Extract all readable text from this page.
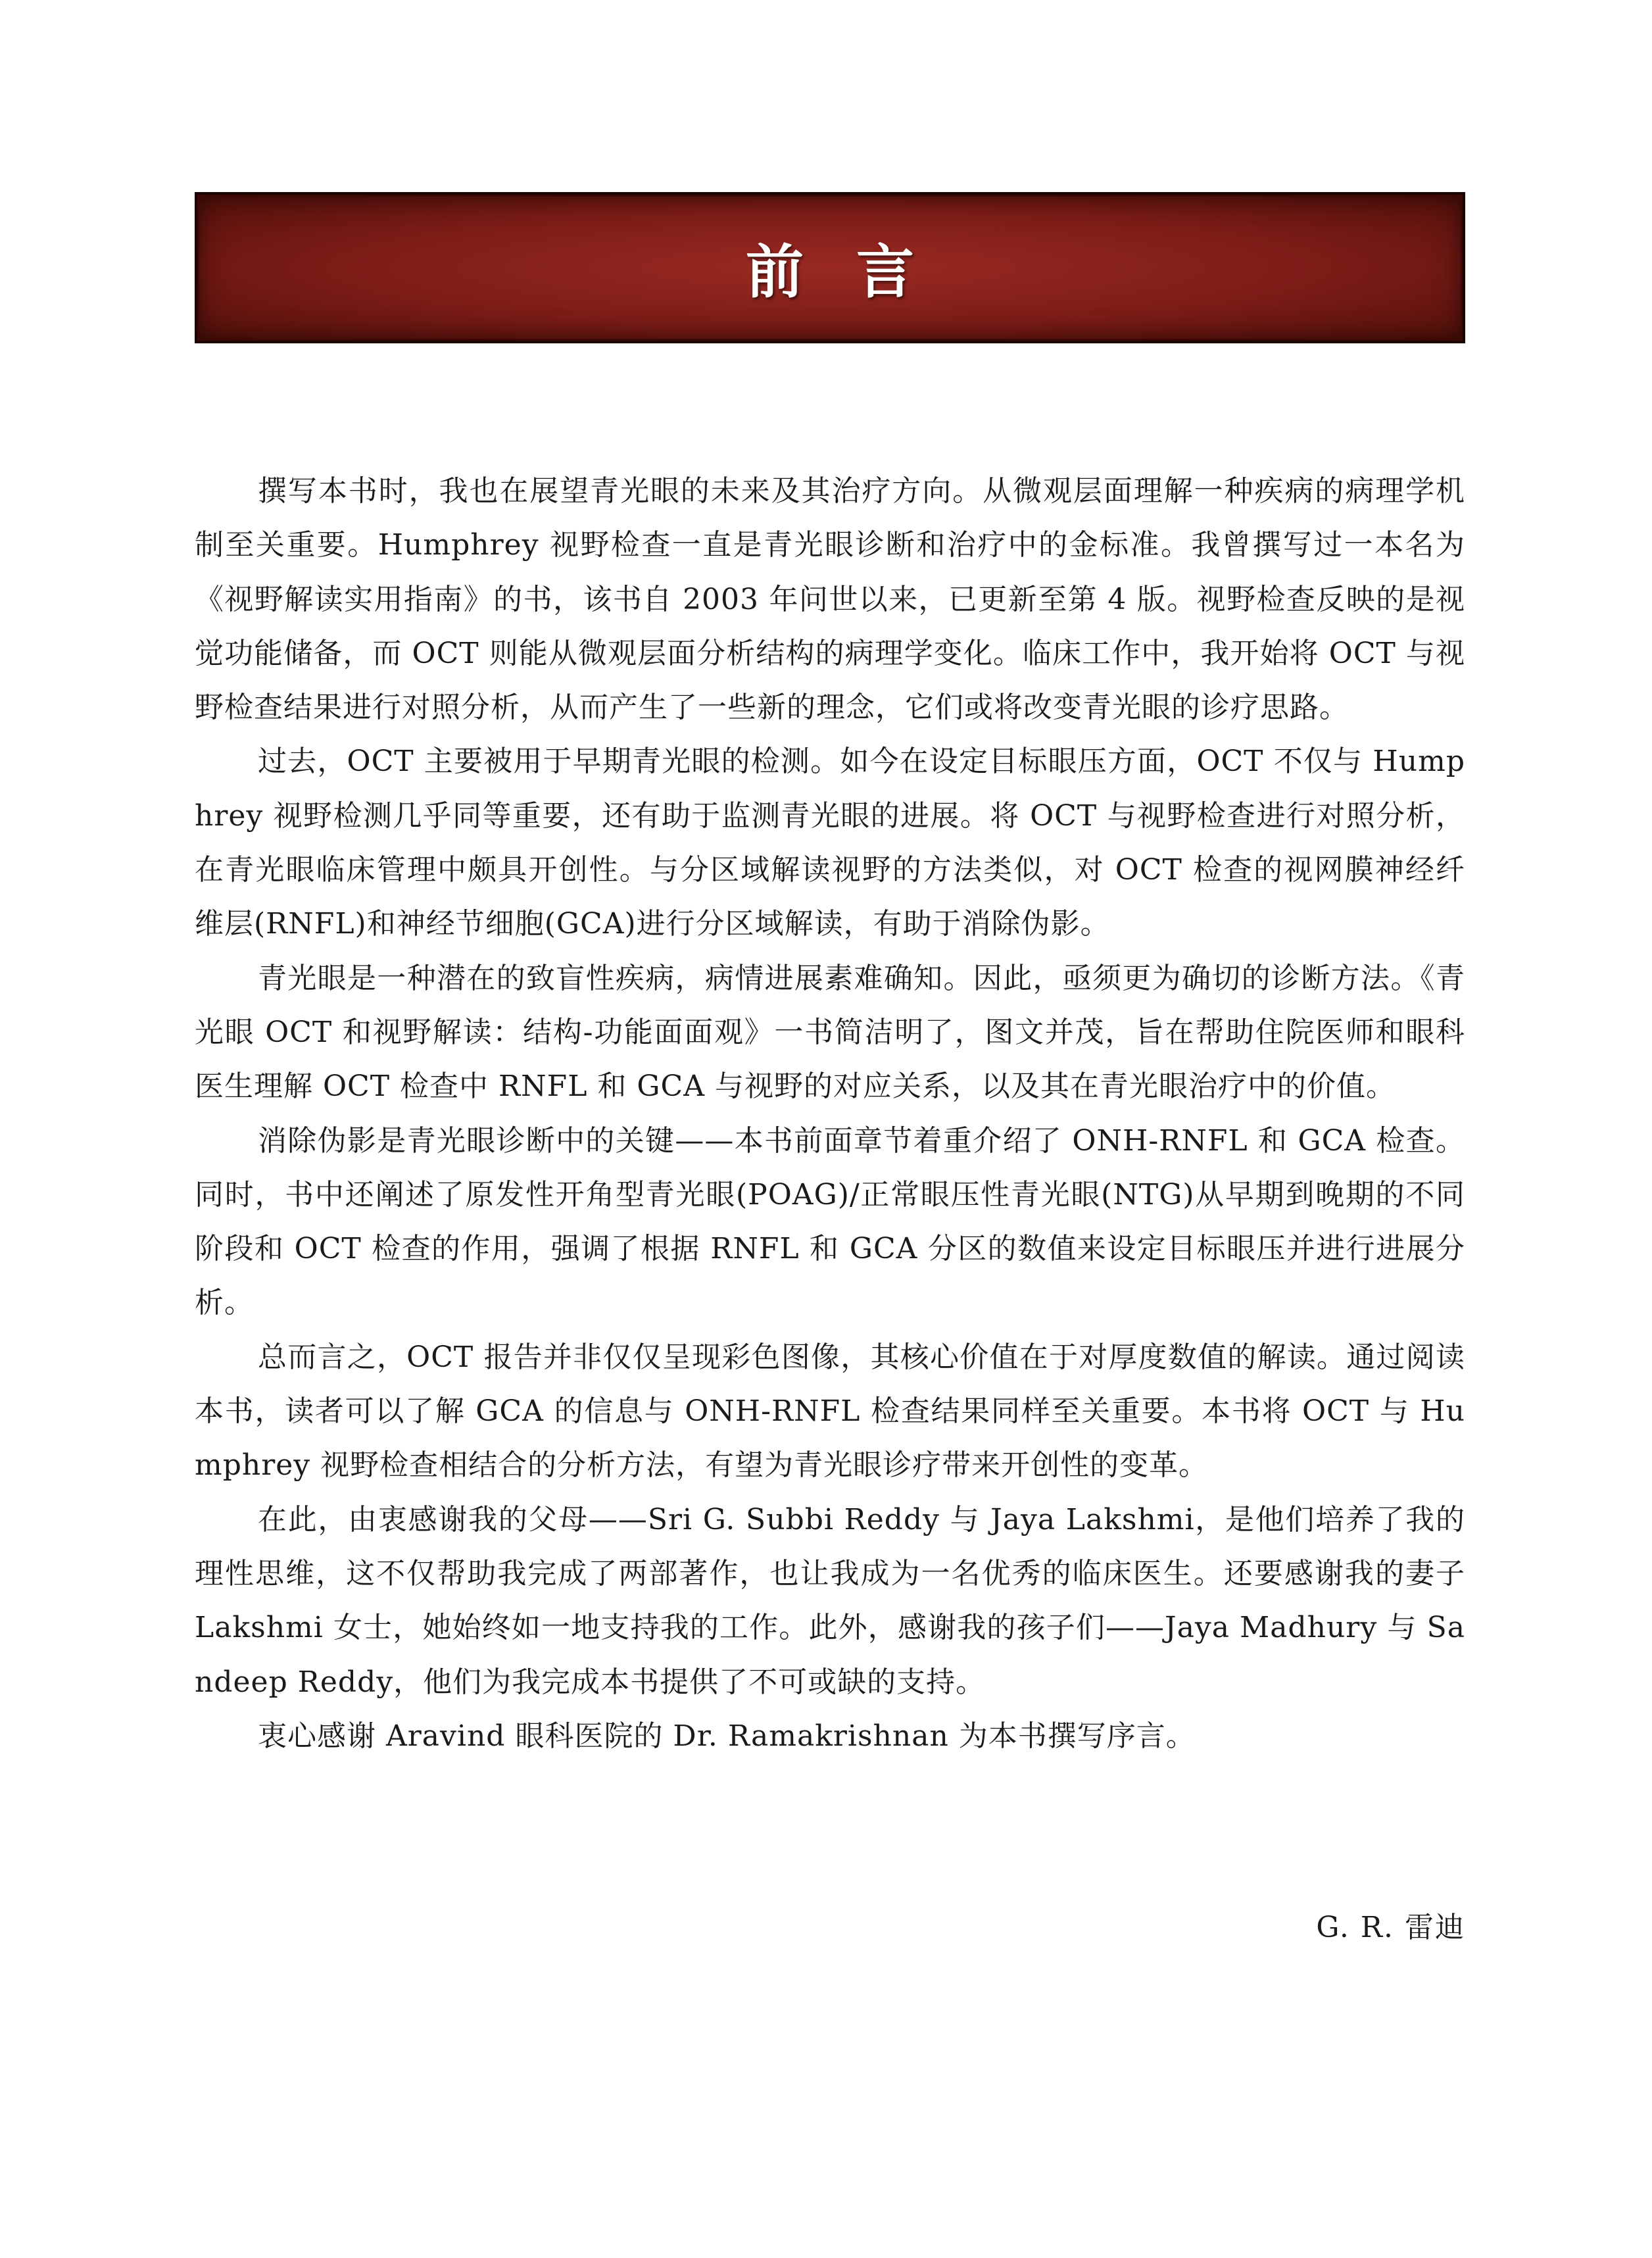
前言

撰写本书时，我也在展望青光眼的未来及其治疗方向。从微观层面理解一种疾病的病理学机制至关重要。Humphrey 视野检查一直是青光眼诊断和治疗中的金标准。我曾撰写过一本名为《视野解读实用指南》的书，该书自 2003 年问世以来，已更新至第 4 版。视野检查反映的是视觉功能储备，而 OCT 则能从微观层面分析结构的病理学变化。临床工作中，我开始将 OCT 与视野检查结果进行对照分析，从而产生了一些新的理念，它们或将改变青光眼的诊疗思路。

过去，OCT 主要被用于早期青光眼的检测。如今在设定目标眼压方面，OCT 不仅与 Humphrey 视野检测几乎同等重要，还有助于监测青光眼的进展。将 OCT 与视野检查进行对照分析，在青光眼临床管理中颇具开创性。与分区域解读视野的方法类似，对 OCT 检查的视网膜神经纤维层(RNFL)和神经节细胞(GCA)进行分区域解读，有助于消除伪影。

青光眼是一种潜在的致盲性疾病，病情进展素难确知。因此，亟须更为确切的诊断方法。《青光眼 OCT 和视野解读：结构-功能面面观》一书简洁明了，图文并茂，旨在帮助住院医师和眼科医生理解 OCT 检查中 RNFL 和 GCA 与视野的对应关系，以及其在青光眼治疗中的价值。

消除伪影是青光眼诊断中的关键——本书前面章节着重介绍了 ONH-RNFL 和 GCA 检查。同时，书中还阐述了原发性开角型青光眼(POAG)/正常眼压性青光眼(NTG)从早期到晚期的不同阶段和 OCT 检查的作用，强调了根据 RNFL 和 GCA 分区的数值来设定目标眼压并进行进展分析。

总而言之，OCT 报告并非仅仅呈现彩色图像，其核心价值在于对厚度数值的解读。通过阅读本书，读者可以了解 GCA 的信息与 ONH-RNFL 检查结果同样至关重要。本书将 OCT 与 Humphrey 视野检查相结合的分析方法，有望为青光眼诊疗带来开创性的变革。

在此，由衷感谢我的父母——Sri G. Subbi Reddy 与 Jaya Lakshmi，是他们培养了我的理性思维，这不仅帮助我完成了两部著作，也让我成为一名优秀的临床医生。还要感谢我的妻子 Lakshmi 女士，她始终如一地支持我的工作。此外，感谢我的孩子们——Jaya Madhury 与 Sandeep Reddy，他们为我完成本书提供了不可或缺的支持。

衷心感谢 Aravind 眼科医院的 Dr. Ramakrishnan 为本书撰写序言。

G. R. 雷迪
